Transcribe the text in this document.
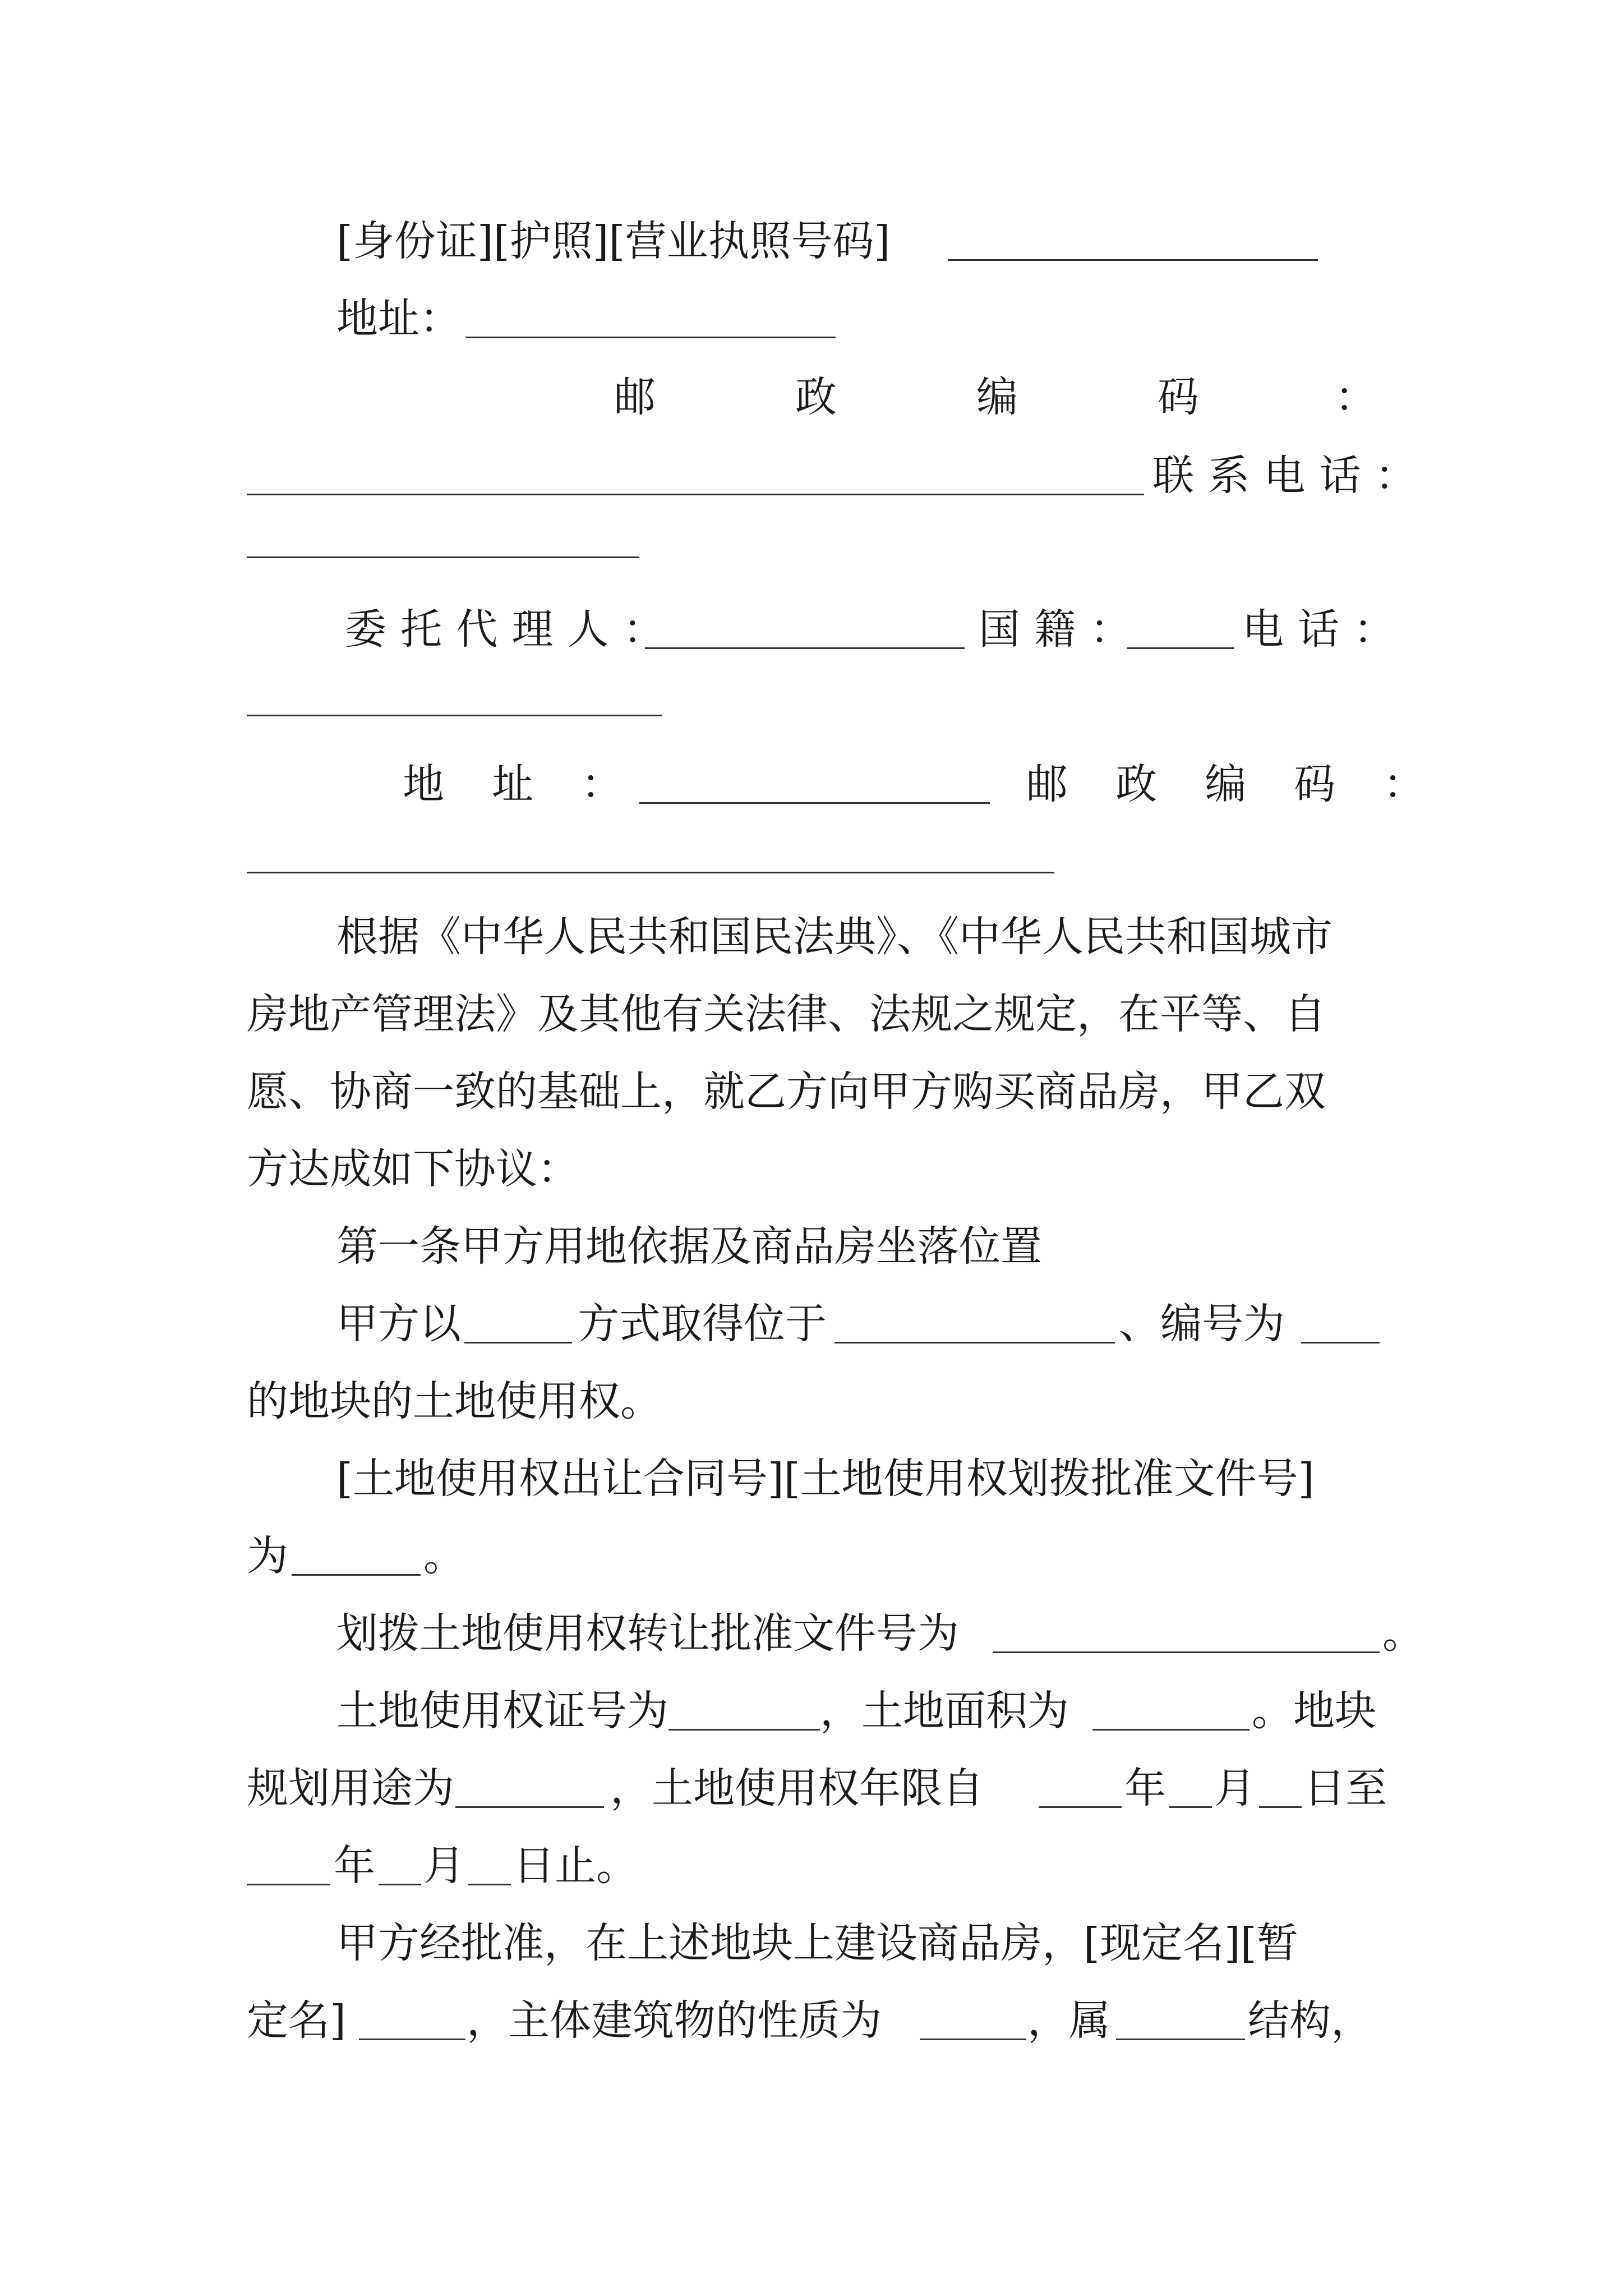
[身份证][护照][营业执照号码]
地址：
邮	政	编	码	：
联系电话：
委托代理人：	国籍： 电话：
地址：	邮政编码：
根据《中华人民共和国民法典》、《中华人民共和国城市
房地产管理法》及其他有关法律、法规之规定，在平等、自
愿、协商一致的基础上，就乙方向甲方购买商品房，甲乙双
方达成如下协议：
第一条甲方用地依据及商品房坐落位置
甲方以	方式取得位于	、编号为
的地块的土地使用权。
[土地使用权出让合同号][土地使用权划拨批准文件号]
为	。
划拨土地使用权转让批准文件号为	。
土地使用权证号为	，土地面积为	。地块
规划用途为	，土地使用权年限自	年 月 日至
年 月 日止。
甲方经批准，在上述地块上建设商品房，[现定名][暂
定名]	，主体建筑物的性质为	，属	结构，
